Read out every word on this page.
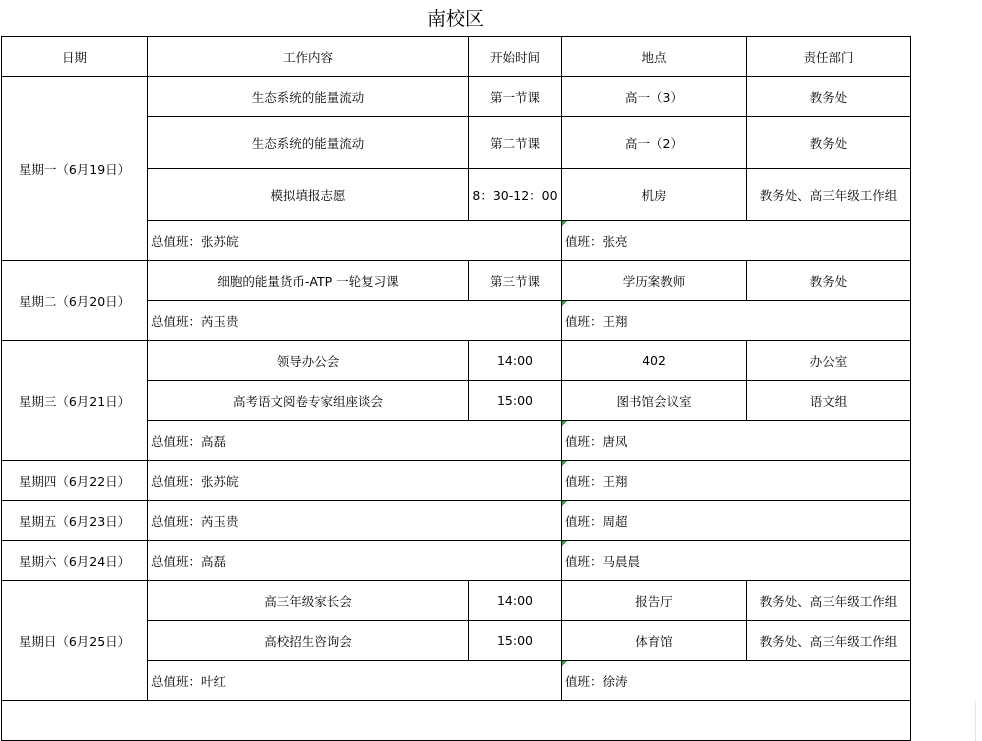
南校区
日期	工作内容	开始时间	地点	责任部门
星期一（6月19日）	生态系统的能量流动	第一节课	高一（3）	教务处
	生态系统的能量流动	第二节课	高一（2）	教务处
	模拟填报志愿	8：30-12：00	机房	教务处、高三年级工作组
	总值班：张苏皖		值班：张亮	
星期二（6月20日）	细胞的能量货币-ATP 一轮复习课	第三节课	学历案教师	教务处
	总值班：芮玉贵		值班：王翔	
星期三（6月21日）	领导办公会	14:00	402	办公室
	高考语文阅卷专家组座谈会	15:00	图书馆会议室	语文组
	总值班：高磊		值班：唐凤	
星期四（6月22日）	总值班：张苏皖		值班：王翔	
星期五（6月23日）	总值班：芮玉贵		值班：周超	
星期六（6月24日）	总值班：高磊		值班：马晨晨	
星期日（6月25日）	高三年级家长会	14:00	报告厅	教务处、高三年级工作组
	高校招生咨询会	15:00	体育馆	教务处、高三年级工作组
	总值班：叶红		值班：徐涛	
